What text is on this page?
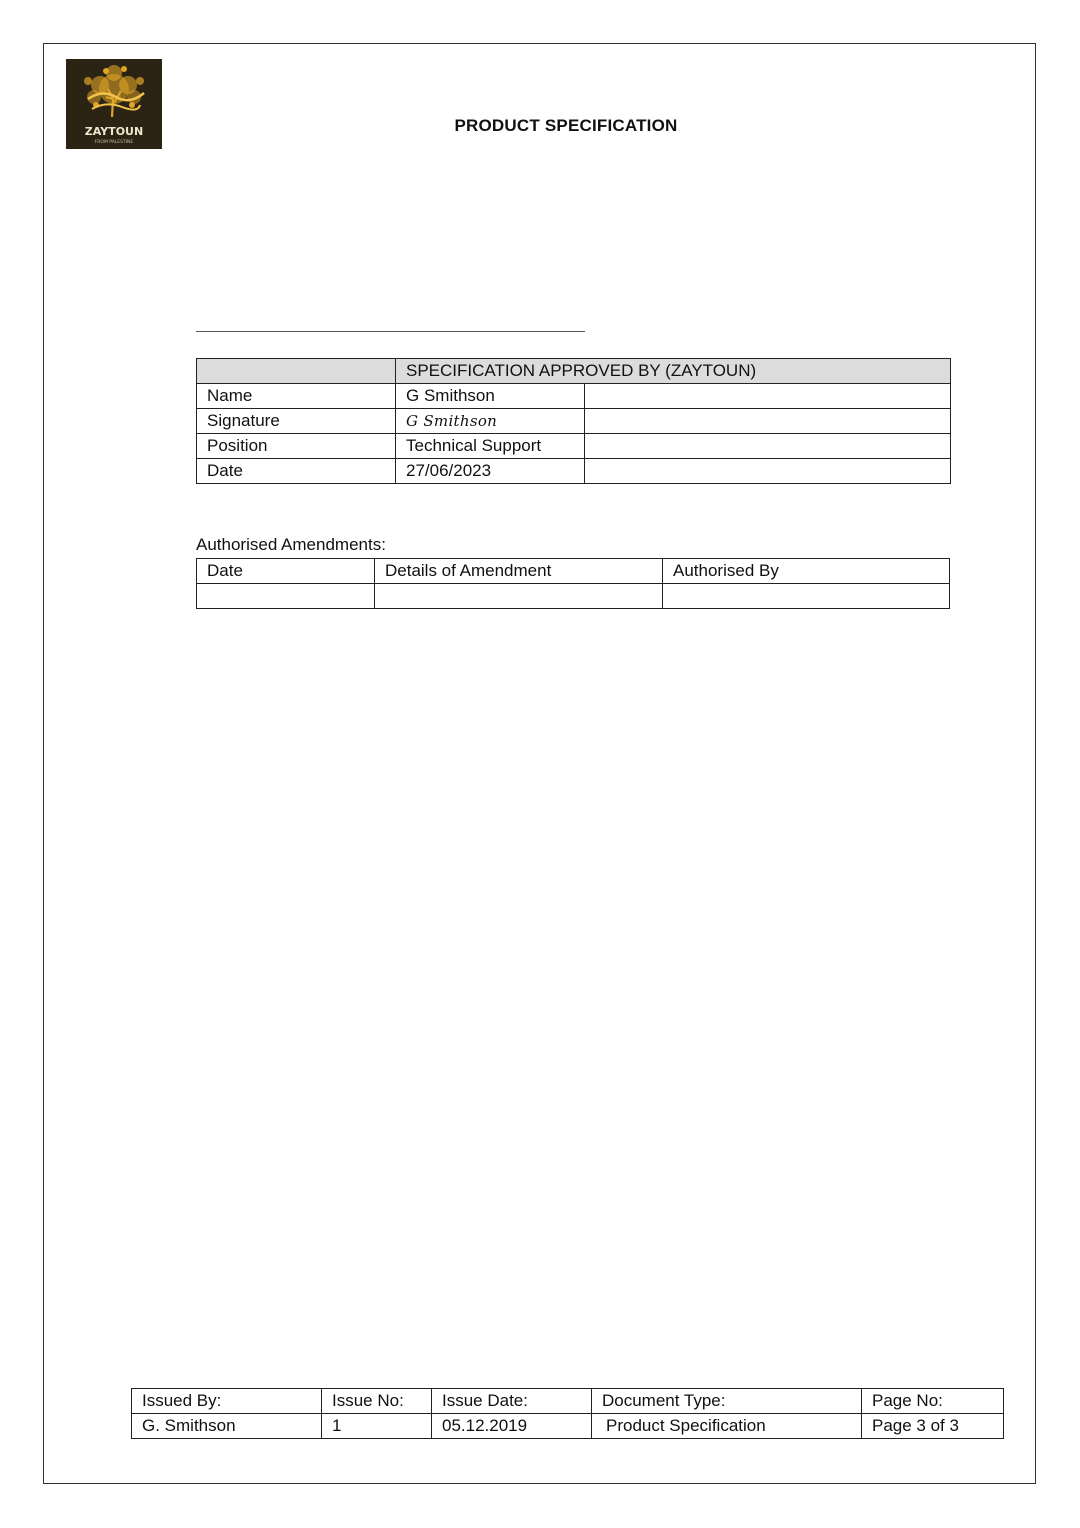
ZAYTOUN
FROM PALESTINE
PRODUCT SPECIFICATION
	SPECIFICATION APPROVED BY (ZAYTOUN)	
Name	G Smithson	
Signature	G Smithson	
Position	Technical Support	
Date	27/06/2023	
Authorised Amendments:
Date	Details of Amendment	Authorised By

Issued By:	Issue No:	Issue Date:	Document Type:	Page No:
G. Smithson	1	05.12.2019	Product Specification	Page 3 of 3
